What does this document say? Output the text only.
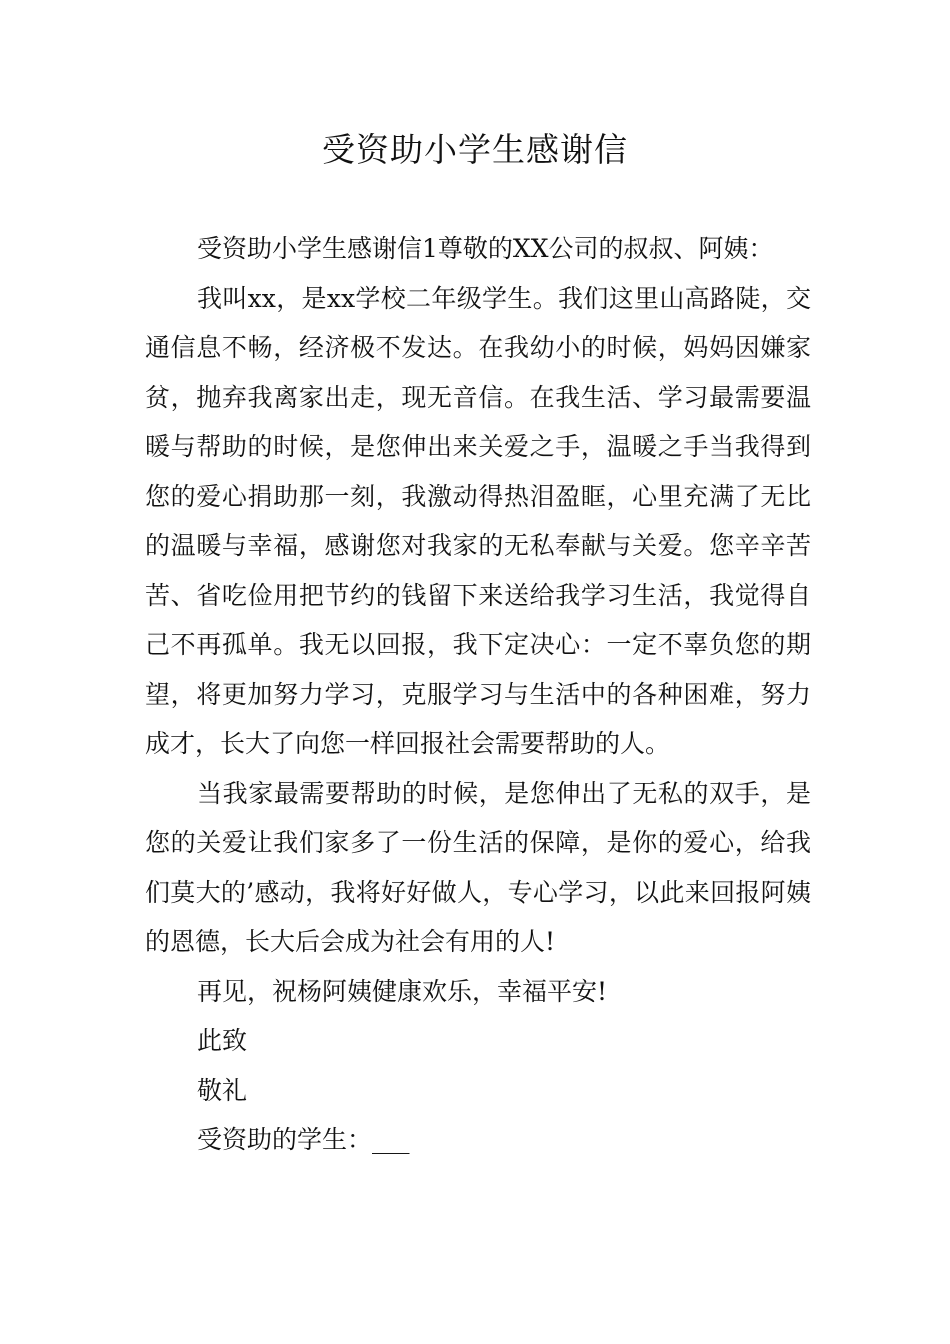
受资助小学生感谢信

受资助小学生感谢信1尊敬的XX公司的叔叔、阿姨：

我叫xx，是xx学校二年级学生。我们这里山高路陡，交通信息不畅，经济极不发达。在我幼小的时候，妈妈因嫌家贫，抛弃我离家出走，现无音信。在我生活、学习最需要温暖与帮助的时候，是您伸出来关爱之手，温暖之手当我得到您的爱心捐助那一刻，我激动得热泪盈眶，心里充满了无比的温暖与幸福，感谢您对我家的无私奉献与关爱。您辛辛苦苦、省吃俭用把节约的钱留下来送给我学习生活，我觉得自己不再孤单。我无以回报，我下定决心：一定不辜负您的期望，将更加努力学习，克服学习与生活中的各种困难，努力成才，长大了向您一样回报社会需要帮助的人。

当我家最需要帮助的时候，是您伸出了无私的双手，是您的关爱让我们家多了一份生活的保障，是你的爱心，给我们莫大的’感动，我将好好做人，专心学习，以此来回报阿姨的恩德，长大后会成为社会有用的人!

再见，祝杨阿姨健康欢乐，幸福平安!

此致

敬礼

受资助的学生：___
